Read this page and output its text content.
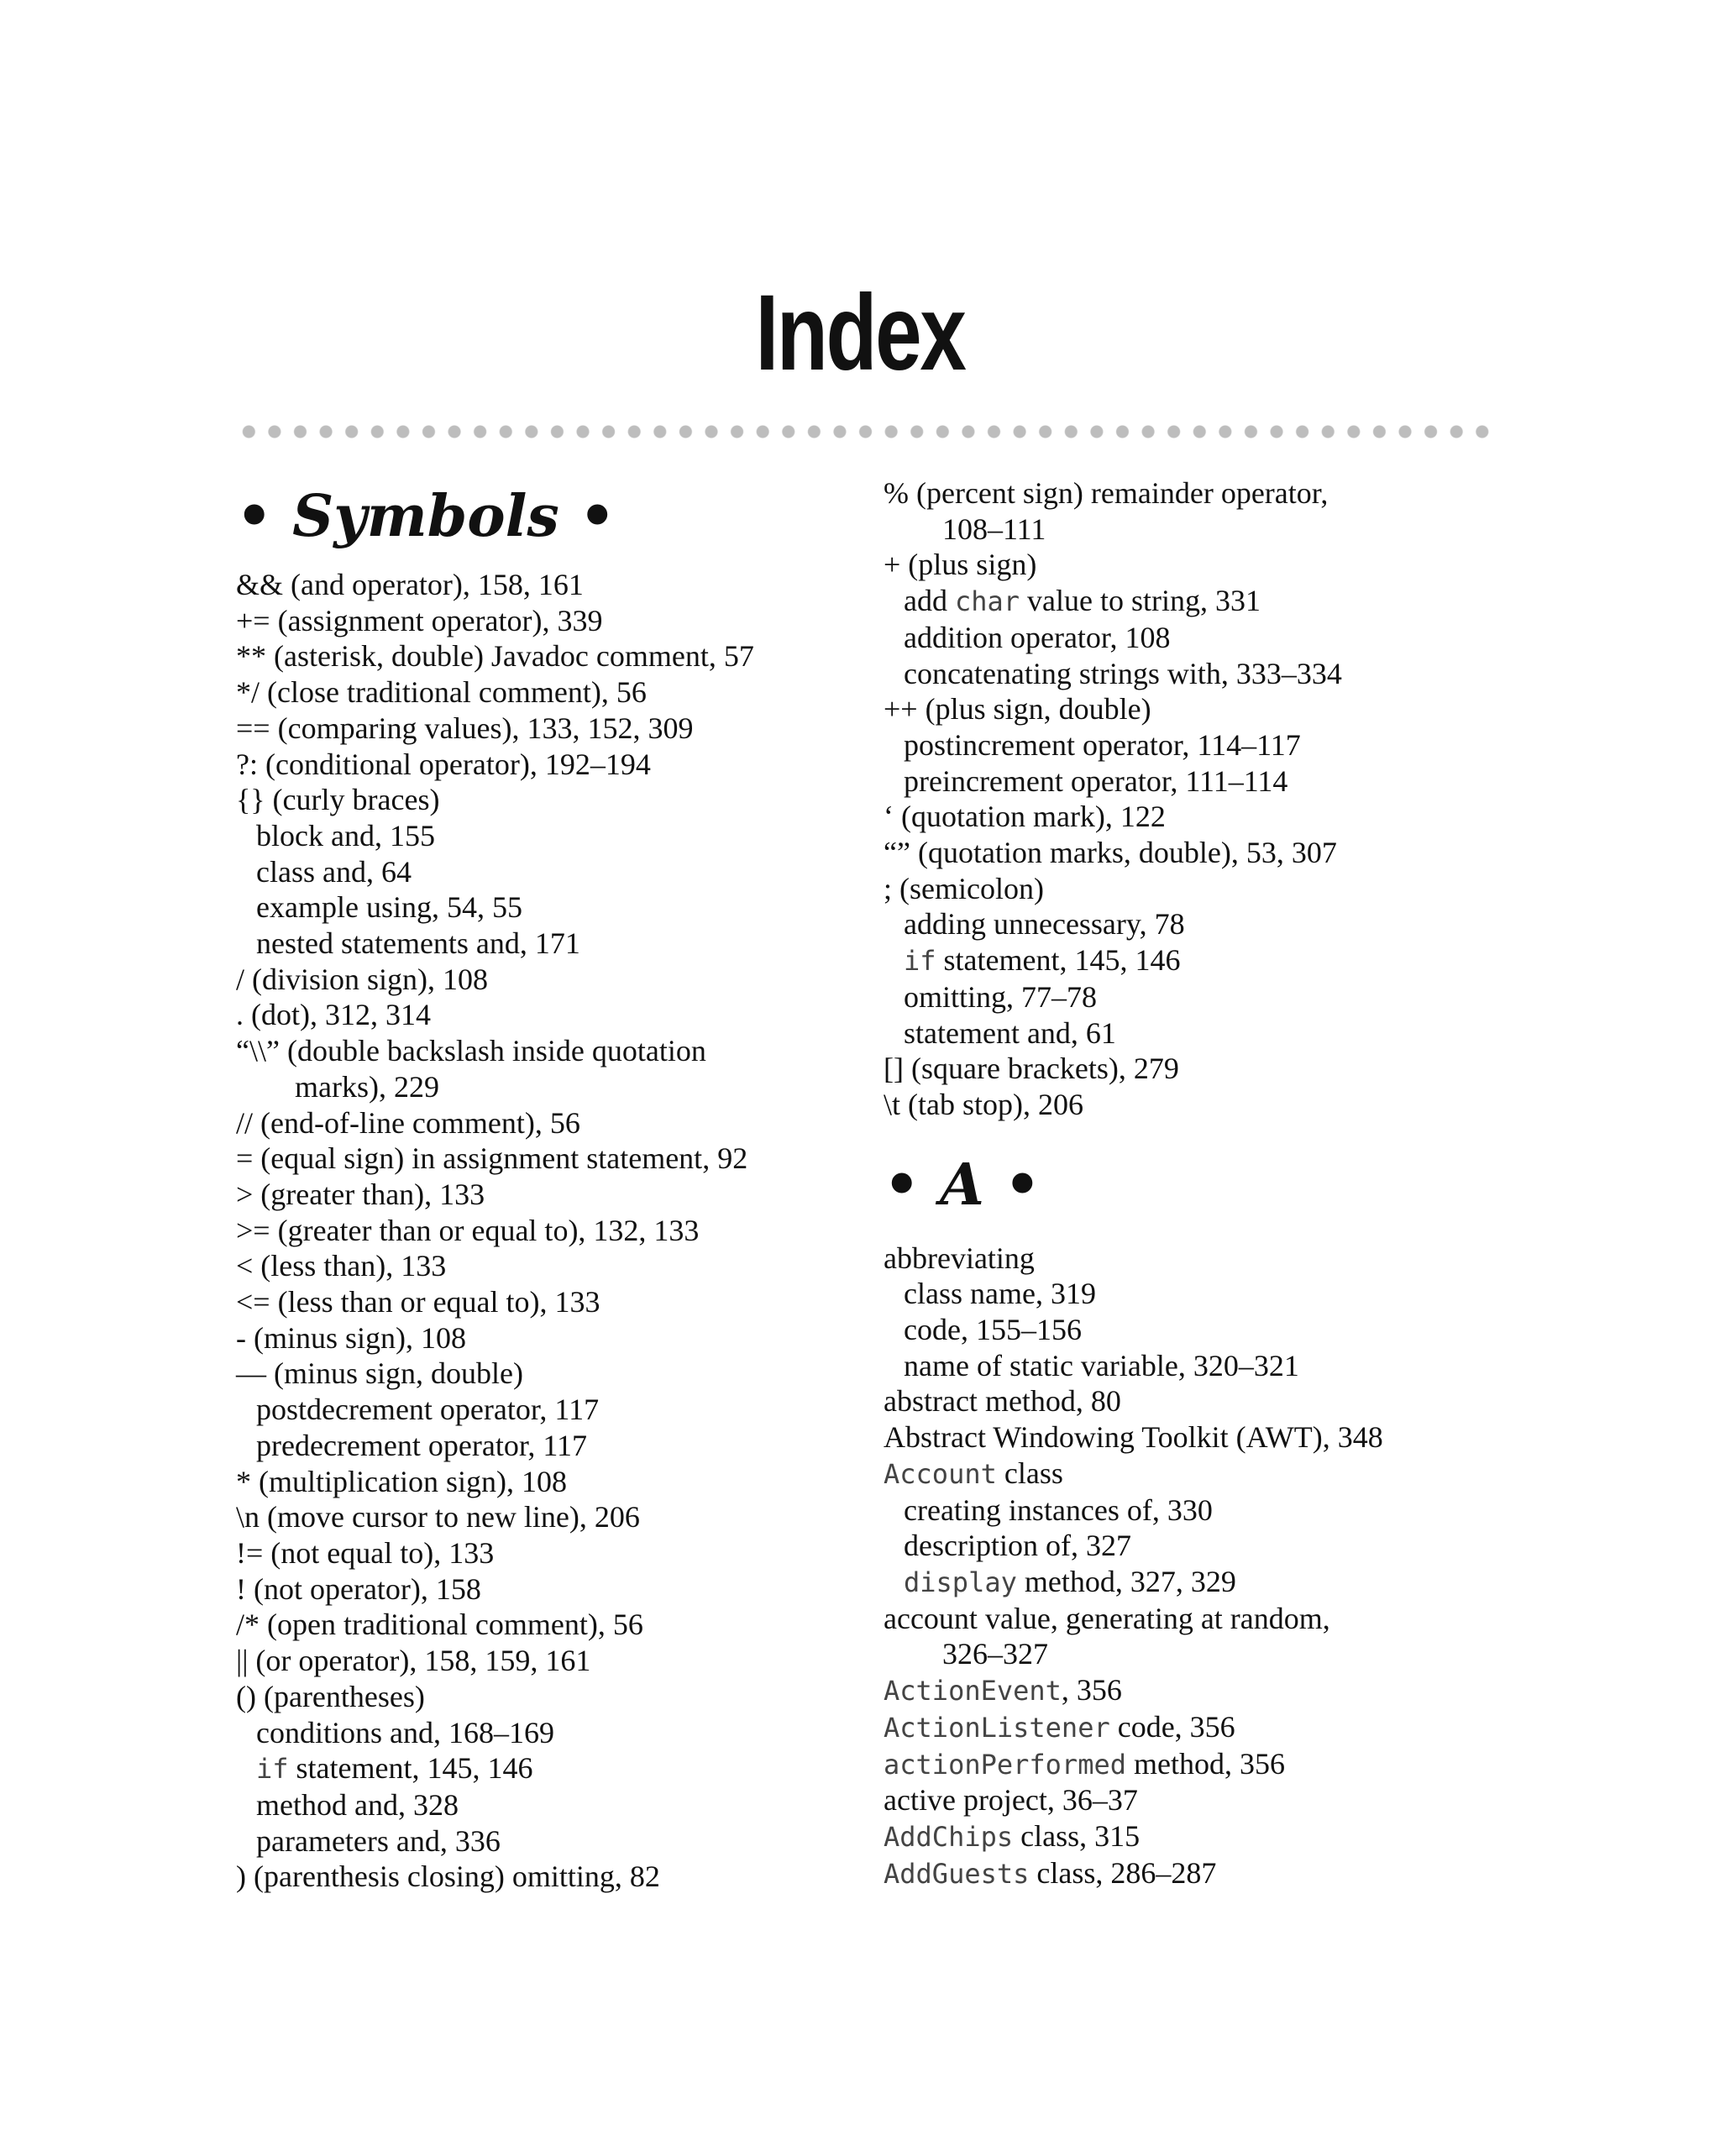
Index
• Symbols •
&& (and operator), 158, 161
+= (assignment operator), 339
** (asterisk, double) Javadoc comment, 57
*/ (close traditional comment), 56
== (comparing values), 133, 152, 309
?: (conditional operator), 192–194
{} (curly braces)
block and, 155
class and, 64
example using, 54, 55
nested statements and, 171
/ (division sign), 108
. (dot), 312, 314
“\\” (double backslash inside quotation
marks), 229
// (end-of-line comment), 56
= (equal sign) in assignment statement, 92
> (greater than), 133
>= (greater than or equal to), 132, 133
< (less than), 133
<= (less than or equal to), 133
- (minus sign), 108
— (minus sign, double)
postdecrement operator, 117
predecrement operator, 117
* (multiplication sign), 108
\n (move cursor to new line), 206
!= (not equal to), 133
! (not operator), 158
/* (open traditional comment), 56
|| (or operator), 158, 159, 161
() (parentheses)
conditions and, 168–169
if statement, 145, 146
method and, 328
parameters and, 336
) (parenthesis closing) omitting, 82
% (percent sign) remainder operator,
108–111
+ (plus sign)
add char value to string, 331
addition operator, 108
concatenating strings with, 333–334
++ (plus sign, double)
postincrement operator, 114–117
preincrement operator, 111–114
‘ (quotation mark), 122
“” (quotation marks, double), 53, 307
; (semicolon)
adding unnecessary, 78
if statement, 145, 146
omitting, 77–78
statement and, 61
[] (square brackets), 279
\t (tab stop), 206
• A •
abbreviating
class name, 319
code, 155–156
name of static variable, 320–321
abstract method, 80
Abstract Windowing Toolkit (AWT), 348
Account class
creating instances of, 330
description of, 327
display method, 327, 329
account value, generating at random,
326–327
ActionEvent, 356
ActionListener code, 356
actionPerformed method, 356
active project, 36–37
AddChips class, 315
AddGuests class, 286–287
